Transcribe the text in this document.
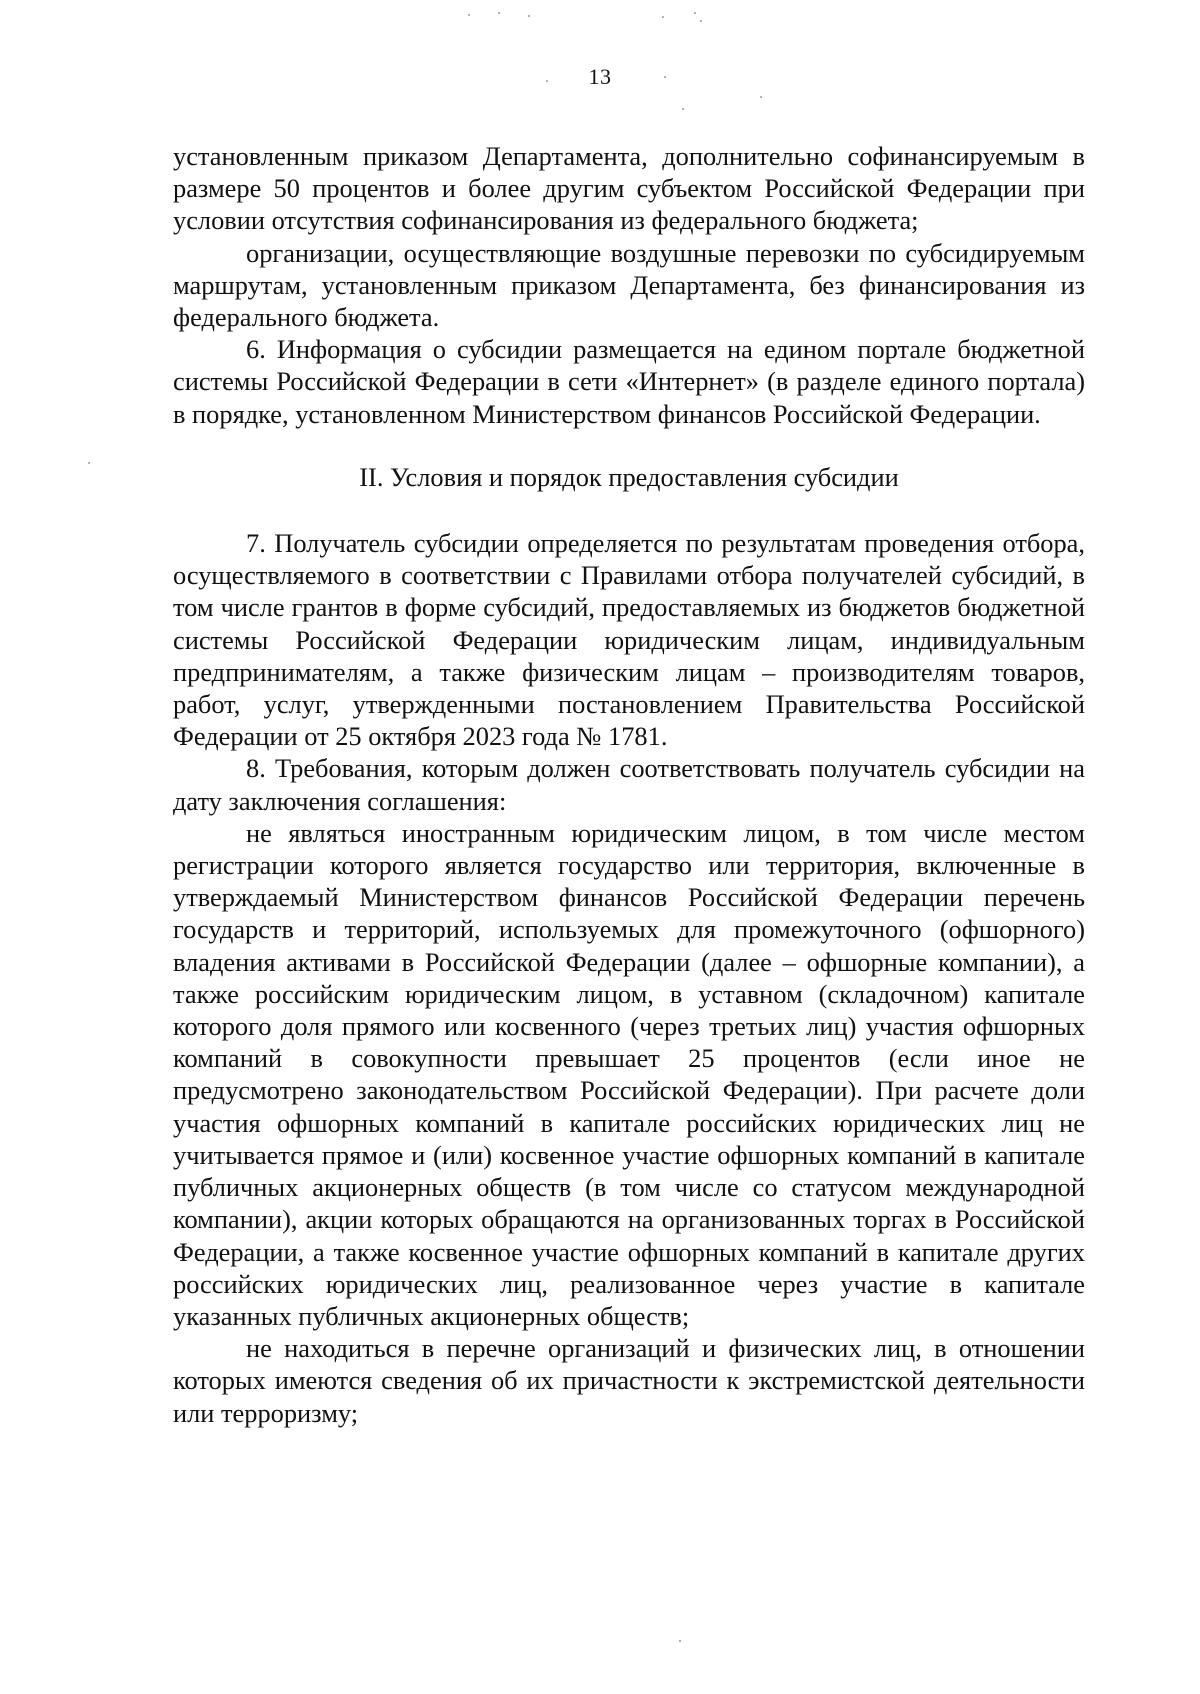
13

установленным приказом Департамента, дополнительно софинансируемым в размере 50 процентов и более другим субъектом Российской Федерации при условии отсутствия софинансирования из федерального бюджета;

организации, осуществляющие воздушные перевозки по субсидируемым маршрутам, установленным приказом Департамента, без финансирования из федерального бюджета.

6. Информация о субсидии размещается на едином портале бюджетной системы Российской Федерации в сети «Интернет» (в разделе единого портала) в порядке, установленном Министерством финансов Российской Федерации.

II. Условия и порядок предоставления субсидии

7. Получатель субсидии определяется по результатам проведения отбора, осуществляемого в соответствии с Правилами отбора получателей субсидий, в том числе грантов в форме субсидий, предоставляемых из бюджетов бюджетной системы Российской Федерации юридическим лицам, индивидуальным предпринимателям, а также физическим лицам – производителям товаров, работ, услуг, утвержденными постановлением Правительства Российской Федерации от 25 октября 2023 года № 1781.

8. Требования, которым должен соответствовать получатель субсидии на дату заключения соглашения:

не являться иностранным юридическим лицом, в том числе местом регистрации которого является государство или территория, включенные в утверждаемый Министерством финансов Российской Федерации перечень государств и территорий, используемых для промежуточного (офшорного) владения активами в Российской Федерации (далее – офшорные компании), а также российским юридическим лицом, в уставном (складочном) капитале которого доля прямого или косвенного (через третьих лиц) участия офшорных компаний в совокупности превышает 25 процентов (если иное не предусмотрено законодательством Российской Федерации). При расчете доли участия офшорных компаний в капитале российских юридических лиц не учитывается прямое и (или) косвенное участие офшорных компаний в капитале публичных акционерных обществ (в том числе со статусом международной компании), акции которых обращаются на организованных торгах в Российской Федерации, а также косвенное участие офшорных компаний в капитале других российских юридических лиц, реализованное через участие в капитале указанных публичных акционерных обществ;

не находиться в перечне организаций и физических лиц, в отношении которых имеются сведения об их причастности к экстремистской деятельности или терроризму;
